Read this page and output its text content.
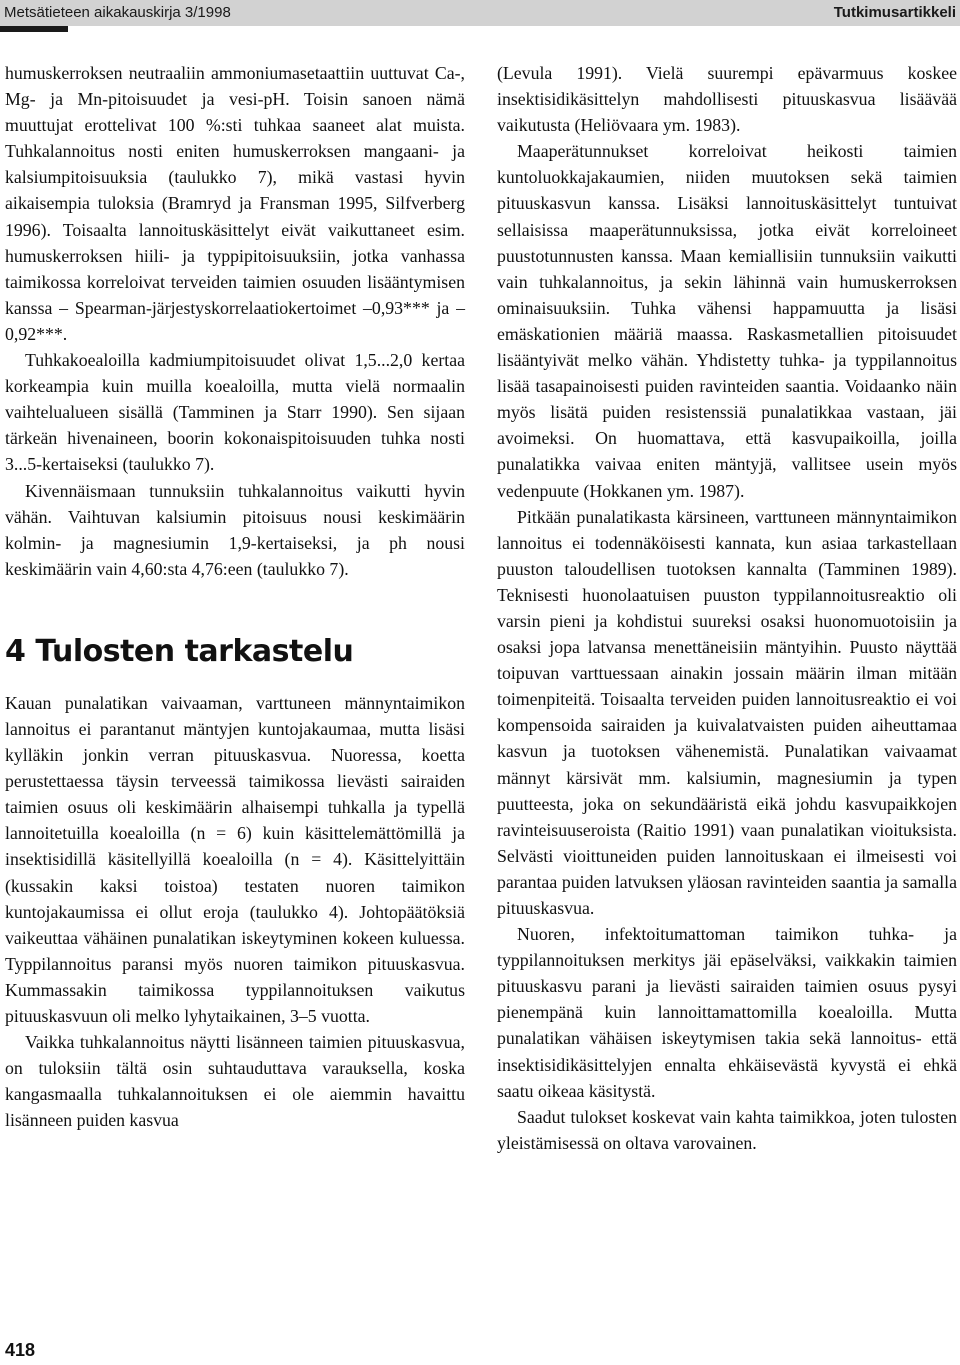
Metsätieteen aikakauskirja 3/1998	Tutkimusartikkeli

humuskerroksen neutraaliin ammoniumasetaattiin uuttuvat Ca-, Mg- ja Mn-pitoisuudet ja vesi-pH. Toisin sanoen nämä muuttujat erottelivat 100 %:sti tuhkaa saaneet alat muista. Tuhkalannoitus nosti eniten humuskerroksen mangaani- ja kalsiumpitoisuuksia (taulukko 7), mikä vastasi hyvin aikaisempia tuloksia (Bramryd ja Fransman 1995, Silfverberg 1996). Toisaalta lannoituskäsittelyt eivät vaikuttaneet esim. humuskerroksen hiili- ja typpipitoisuuksiin, jotka vanhassa taimikossa korreloivat terveiden taimien osuuden lisääntymisen kanssa – Spearman-järjestyskorrelaatiokertoimet –0,93*** ja –0,92***.

Tuhkakoealoilla kadmiumpitoisuudet olivat 1,5...2,0 kertaa korkeampia kuin muilla koealoilla, mutta vielä normaalin vaihtelualueen sisällä (Tamminen ja Starr 1990). Sen sijaan tärkeän hivenaineen, boorin kokonaispitoisuuden tuhka nosti 3...5-kertaiseksi (taulukko 7).

Kivennäismaan tunnuksiin tuhkalannoitus vaikutti hyvin vähän. Vaihtuvan kalsiumin pitoisuus nousi keskimäärin kolmin- ja magnesiumin 1,9-kertaiseksi, ja ph nousi keskimäärin vain 4,60:sta 4,76:een (taulukko 7).

4 Tulosten tarkastelu

Kauan punalatikan vaivaaman, varttuneen männyntaimikon lannoitus ei parantanut mäntyjen kuntojakaumaa, mutta lisäsi kylläkin jonkin verran pituuskasvua. Nuoressa, koetta perustettaessa täysin terveessä taimikossa lievästi sairaiden taimien osuus oli keskimäärin alhaisempi tuhkalla ja typellä lannoitetuilla koealoilla (n = 6) kuin käsittelemättömillä ja insektisidillä käsitellyillä koealoilla (n = 4). Käsittelyittäin (kussakin kaksi toistoa) testaten nuoren taimikon kuntojakaumissa ei ollut eroja (taulukko 4). Johtopäätöksiä vaikeuttaa vähäinen punalatikan iskeytyminen kokeen kuluessa. Typpilannoitus paransi myös nuoren taimikon pituuskasvua. Kummassakin taimikossa typpilannoituksen vaikutus pituuskasvuun oli melko lyhytaikainen, 3–5 vuotta.

Vaikka tuhkalannoitus näytti lisänneen taimien pituuskasvua, on tuloksiin tältä osin suhtauduttava varauksella, koska kangasmaalla tuhkalannoituksen ei ole aiemmin havaittu lisänneen puiden kasvua

(Levula 1991). Vielä suurempi epävarmuus koskee insektisidikäsittelyn mahdollisesti pituuskasvua lisäävää vaikutusta (Heliövaara ym. 1983).

Maaperätunnukset korreloivat heikosti taimien kuntoluokkajakaumien, niiden muutoksen sekä taimien pituuskasvun kanssa. Lisäksi lannoituskäsittelyt tuntuivat sellaisissa maaperätunnuksissa, jotka eivät korreloineet puustotunnusten kanssa. Maan kemiallisiin tunnuksiin vaikutti vain tuhkalannoitus, ja sekin lähinnä vain humuskerroksen ominaisuuksiin. Tuhka vähensi happamuutta ja lisäsi emäskationien määriä maassa. Raskasmetallien pitoisuudet lisääntyivät melko vähän. Yhdistetty tuhka- ja typpilannoitus lisää tasapainoisesti puiden ravinteiden saantia. Voidaanko näin myös lisätä puiden resistenssiä punalatikkaa vastaan, jäi avoimeksi. On huomattava, että kasvupaikoilla, joilla punalatikka vaivaa eniten mäntyjä, vallitsee usein myös vedenpuute (Hokkanen ym. 1987).

Pitkään punalatikasta kärsineen, varttuneen männyntaimikon lannoitus ei todennäköisesti kannata, kun asiaa tarkastellaan puuston taloudellisen tuotoksen kannalta (Tamminen 1989). Teknisesti huonolaatuisen puuston typpilannoitusreaktio oli varsin pieni ja kohdistui suureksi osaksi huonomuotoisiin ja osaksi jopa latvansa menettäneisiin mäntyihin. Puusto näyttää toipuvan varttuessaan ainakin jossain määrin ilman mitään toimenpiteitä. Toisaalta terveiden puiden lannoitusreaktio ei voi kompensoida sairaiden ja kuivalatvaisten puiden aiheuttamaa kasvun ja tuotoksen vähenemistä. Punalatikan vaivaamat männyt kärsivät mm. kalsiumin, magnesiumin ja typen puutteesta, joka on sekundääristä eikä johdu kasvupaikkojen ravinteisuuseroista (Raitio 1991) vaan punalatikan vioituksista. Selvästi vioittuneiden puiden lannoituskaan ei ilmeisesti voi parantaa puiden latvuksen yläosan ravinteiden saantia ja samalla pituuskasvua.

Nuoren, infektoitumattoman taimikon tuhka- ja typpilannoituksen merkitys jäi epäselväksi, vaikkakin taimien pituuskasvu parani ja lievästi sairaiden taimien osuus pysyi pienempänä kuin lannoittamattomilla koealoilla. Mutta punalatikan vähäisen iskeytymisen takia sekä lannoitus- että insektisidikäsittelyjen ennalta ehkäisevästä kyvystä ei ehkä saatu oikeaa käsitystä.

Saadut tulokset koskevat vain kahta taimikkoa, joten tulosten yleistämisessä on oltava varovainen.

418
